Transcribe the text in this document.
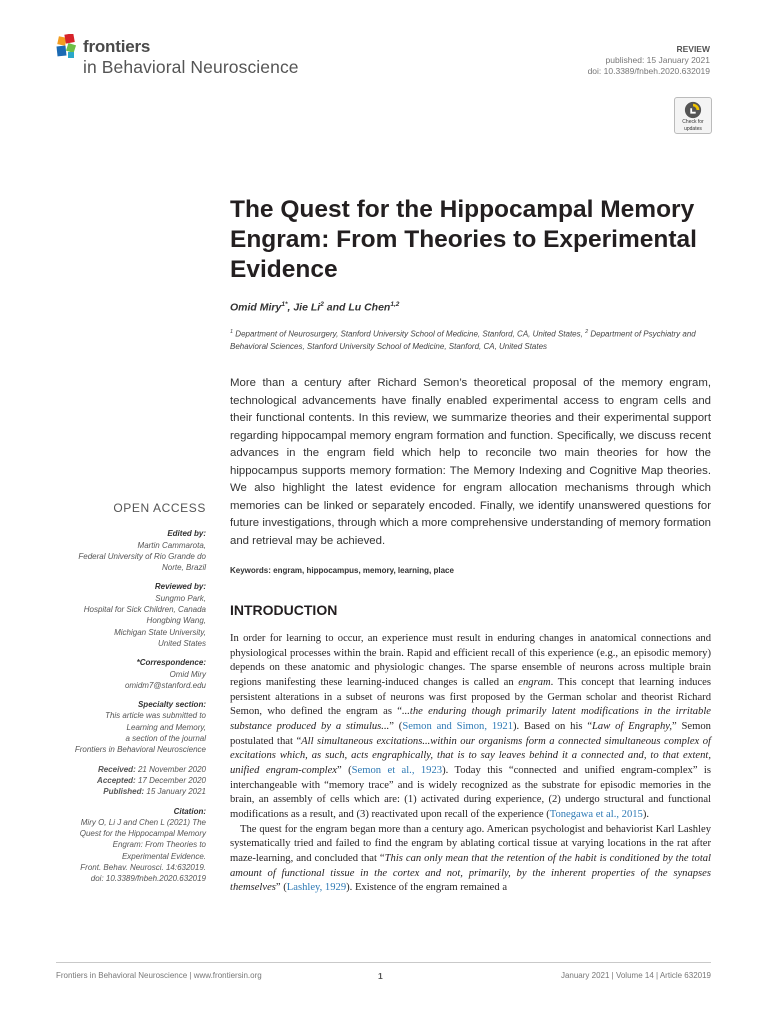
frontiers
in Behavioral Neuroscience
REVIEW
published: 15 January 2021
doi: 10.3389/fnbeh.2020.632019
Check for
updates
The Quest for the Hippocampal Memory Engram: From Theories to Experimental Evidence
Omid Miry$^{1*}$, Jie Li$^2$ and Lu Chen$^{1,2}$
$^1$ Department of Neurosurgery, Stanford University School of Medicine, Stanford, CA, United States, $^2$ Department of Psychiatry and Behavioral Sciences, Stanford University School of Medicine, Stanford, CA, United States
More than a century after Richard Semon’s theoretical proposal of the memory engram, technological advancements have finally enabled experimental access to engram cells and their functional contents. In this review, we summarize theories and their experimental support regarding hippocampal memory engram formation and function. Specifically, we discuss recent advances in the engram field which help to reconcile two main theories for how the hippocampus supports memory formation: The Memory Indexing and Cognitive Map theories. We also highlight the latest evidence for engram allocation mechanisms through which memories can be linked or separately encoded. Finally, we identify unanswered questions for future investigations, through which a more comprehensive understanding of memory formation and retrieval may be achieved.
Keywords: engram, hippocampus, memory, learning, place
INTRODUCTION

In order for learning to occur, an experience must result in enduring changes in anatomical connections and physiological processes within the brain. Rapid and efficient recall of this experience (e.g., an episodic memory) depends on these anatomic and physiologic changes. The sparse ensemble of neurons across multiple brain regions manifesting these learning-induced changes is called an engram. This concept that learning induces persistent alterations in a subset of neurons was first proposed by the German scholar and theorist Richard Semon, who defined the engram as “...the enduring though primarily latent modifications in the irritable substance produced by a stimulus...” (Semon and Simon, 1921). Based on his “Law of Engraphy,” Semon postulated that “All simultaneous excitations...within our organisms form a connected simultaneous complex of excitations which, as such, acts engraphically, that is to say leaves behind it a connected and, to that extent, unified engram-complex” (Semon et al., 1923). Today this “connected and unified engram-complex” is interchangeable with “memory trace” and is widely recognized as the substrate for episodic memories in the brain, an assembly of cells which are: (1) activated during experience, (2) undergo structural and functional modifications as a result, and (3) reactivated upon recall of the experience (Tonegawa et al., 2015).

The quest for the engram began more than a century ago. American psychologist and behaviorist Karl Lashley systematically tried and failed to find the engram by ablating cortical tissue at varying locations in the rat after maze-learning, and concluded that “This can only mean that the retention of the habit is conditioned by the total amount of functional tissue in the cortex and not, primarily, by the inherent properties of the synapses themselves” (Lashley, 1929). Existence of the engram remained a

OPEN ACCESS
Edited by:
Martin Cammarota,
Federal University of Rio Grande do
Norte, Brazil
Reviewed by:
Sungmo Park,
Hospital for Sick Children, Canada
Hongbing Wang,
Michigan State University,
United States
*Correspondence:
Omid Miry
omidm7@stanford.edu
Specialty section:
This article was submitted to
Learning and Memory,
a section of the journal
Frontiers in Behavioral Neuroscience
Received: 21 November 2020
Accepted: 17 December 2020
Published: 15 January 2021
Citation:
Miry O, Li J and Chen L (2021) The
Quest for the Hippocampal Memory
Engram: From Theories to
Experimental Evidence.
Front. Behav. Neurosci. 14:632019.
doi: 10.3389/fnbeh.2020.632019
Frontiers in Behavioral Neuroscience | www.frontiersin.org	1	January 2021 | Volume 14 | Article 632019
